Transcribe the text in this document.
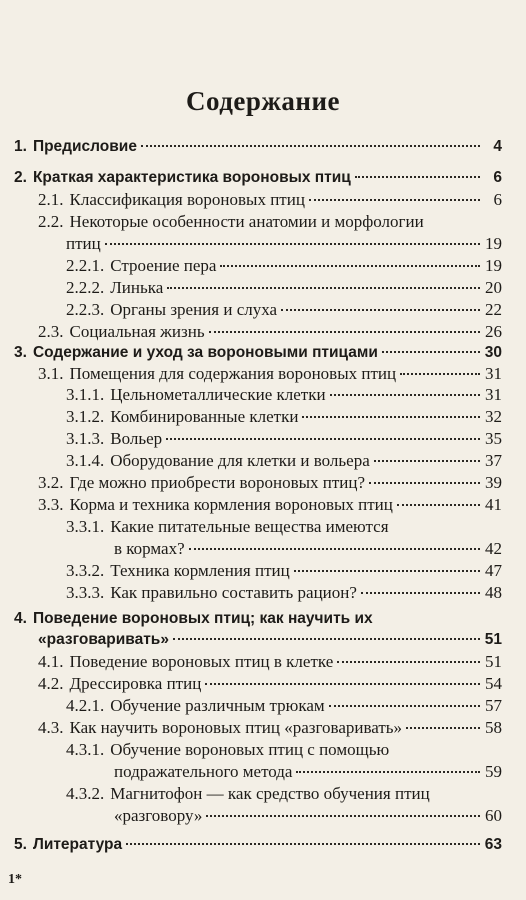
Содержание
1. Предисловие	4
2. Краткая характеристика вороновых птиц	6
2.1. Классификация вороновых птиц	6
2.2. Некоторые особенности анатомии и морфологии
птиц	19
2.2.1. Строение пера	19
2.2.2. Линька	20
2.2.3. Органы зрения и слуха	22
2.3. Социальная жизнь	26
3. Содержание и уход за вороновыми птицами	30
3.1. Помещения для содержания вороновых птиц	31
3.1.1. Цельнометаллические клетки	31
3.1.2. Комбинированные клетки	32
3.1.3. Вольер	35
3.1.4. Оборудование для клетки и вольера	37
3.2. Где можно приобрести вороновых птиц?	39
3.3. Корма и техника кормления вороновых птиц	41
3.3.1. Какие питательные вещества имеются
в кормах?	42
3.3.2. Техника кормления птиц	47
3.3.3. Как правильно составить рацион?	48
4. Поведение вороновых птиц; как научить их
«разговаривать»	51
4.1. Поведение вороновых птиц в клетке	51
4.2. Дрессировка птиц	54
4.2.1. Обучение различным трюкам	57
4.3. Как научить вороновых птиц «разговаривать»	58
4.3.1. Обучение вороновых птиц с помощью
подражательного метода	59
4.3.2. Магнитофон — как средство обучения птиц
«разговору»	60
5. Литература	63
1*
